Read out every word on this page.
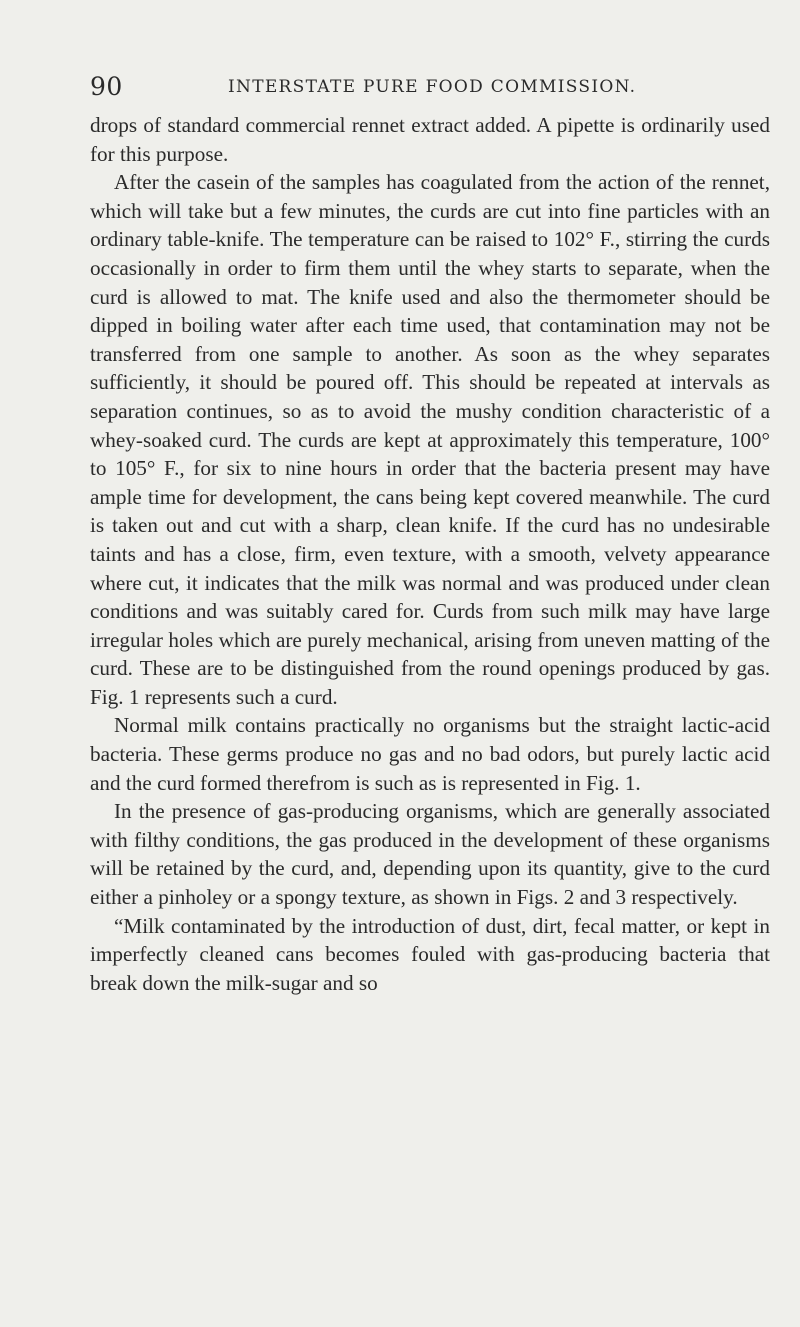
90	INTERSTATE PURE FOOD COMMISSION.

drops of standard commercial rennet extract added. A pipette is ordinarily used for this purpose.

After the casein of the samples has coagulated from the action of the rennet, which will take but a few minutes, the curds are cut into fine particles with an ordinary table-knife. The temperature can be raised to 102° F., stirring the curds occasionally in order to firm them until the whey starts to separate, when the curd is allowed to mat. The knife used and also the thermometer should be dipped in boiling water after each time used, that contamination may not be transferred from one sample to another. As soon as the whey separates sufficiently, it should be poured off. This should be repeated at intervals as separation continues, so as to avoid the mushy condition characteristic of a whey-soaked curd. The curds are kept at approximately this temperature, 100° to 105° F., for six to nine hours in order that the bacteria present may have ample time for development, the cans being kept covered meanwhile. The curd is taken out and cut with a sharp, clean knife. If the curd has no undesirable taints and has a close, firm, even texture, with a smooth, velvety appearance where cut, it indicates that the milk was normal and was produced under clean conditions and was suitably cared for. Curds from such milk may have large irregular holes which are purely mechanical, arising from uneven matting of the curd. These are to be distinguished from the round openings produced by gas. Fig. 1 represents such a curd.

Normal milk contains practically no organisms but the straight lactic-acid bacteria. These germs produce no gas and no bad odors, but purely lactic acid and the curd formed therefrom is such as is represented in Fig. 1.

In the presence of gas-producing organisms, which are generally associated with filthy conditions, the gas produced in the development of these organisms will be retained by the curd, and, depending upon its quantity, give to the curd either a pinholey or a spongy texture, as shown in Figs. 2 and 3 respectively.

“Milk contaminated by the introduction of dust, dirt, fecal matter, or kept in imperfectly cleaned cans becomes fouled with gas-producing bacteria that break down the milk-sugar and so
